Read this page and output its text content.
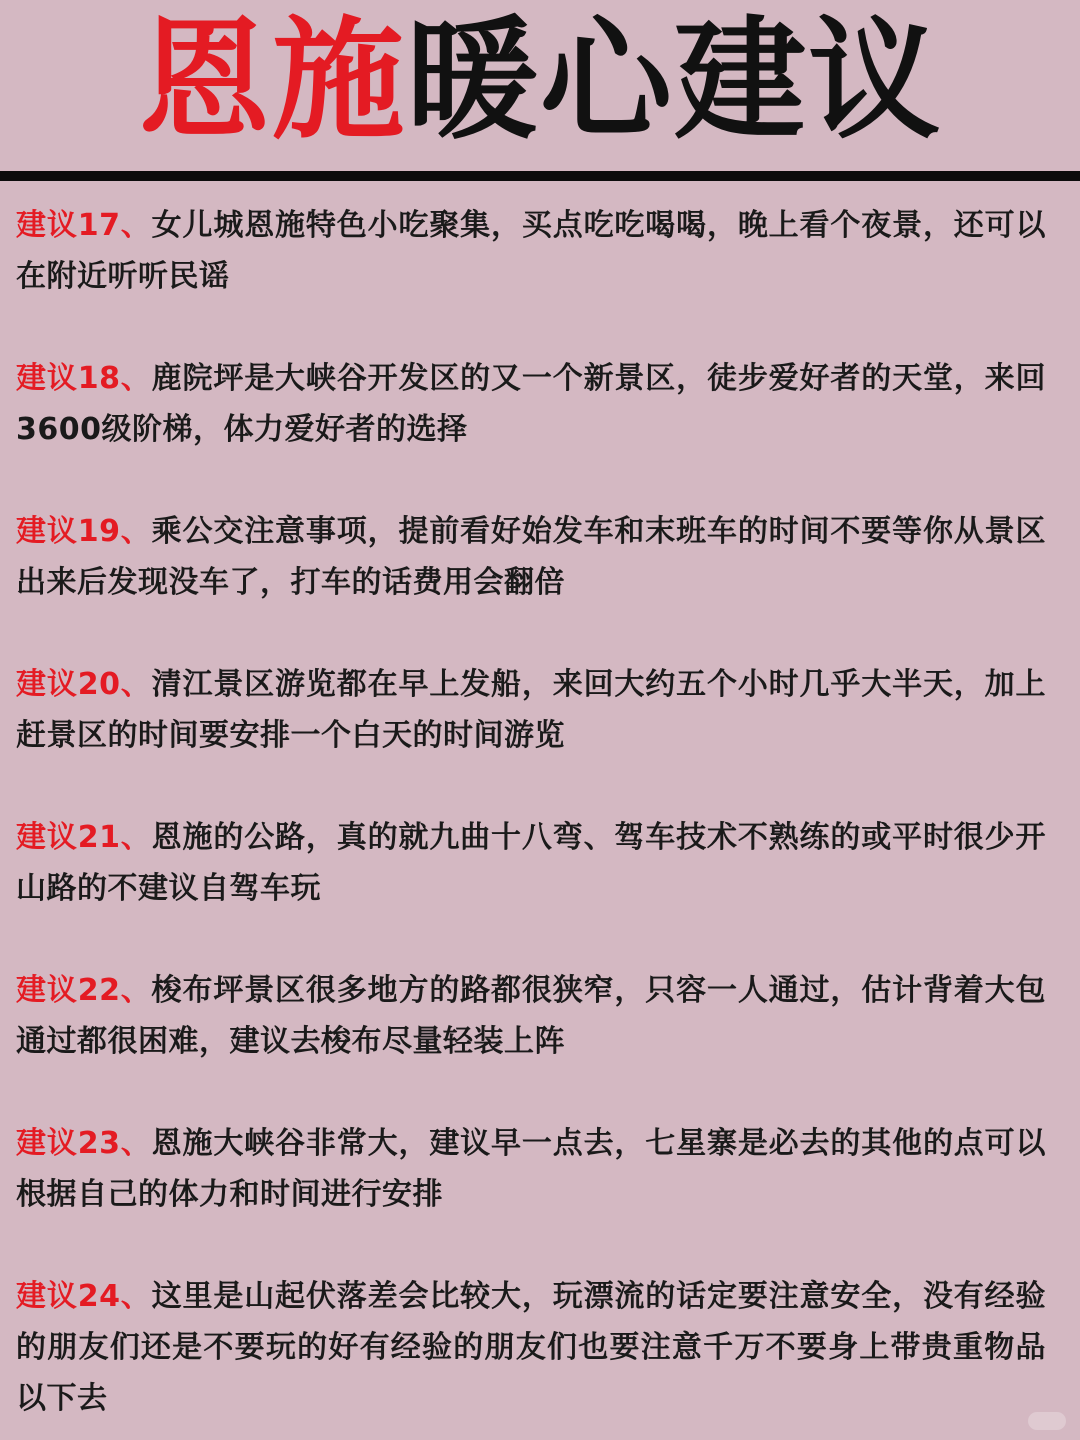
恩施暖心建议
建议17、女儿城恩施特色小吃聚集，买点吃吃喝喝，晚上看个夜景，还可以在附近听听民谣
建议18、鹿院坪是大峡谷开发区的又一个新景区，徒步爱好者的天堂，来回3600级阶梯，体力爱好者的选择
建议19、乘公交注意事项，提前看好始发车和末班车的时间不要等你从景区出来后发现没车了，打车的话费用会翻倍
建议20、清江景区游览都在早上发船，来回大约五个小时几乎大半天，加上赶景区的时间要安排一个白天的时间游览
建议21、恩施的公路，真的就九曲十八弯、驾车技术不熟练的或平时很少开山路的不建议自驾车玩
建议22、梭布坪景区很多地方的路都很狭窄，只容一人通过，估计背着大包通过都很困难，建议去梭布尽量轻装上阵
建议23、恩施大峡谷非常大，建议早一点去，七星寨是必去的其他的点可以根据自己的体力和时间进行安排
建议24、这里是山起伏落差会比较大，玩漂流的话定要注意安全，没有经验的朋友们还是不要玩的好有经验的朋友们也要注意千万不要身上带贵重物品以下去
